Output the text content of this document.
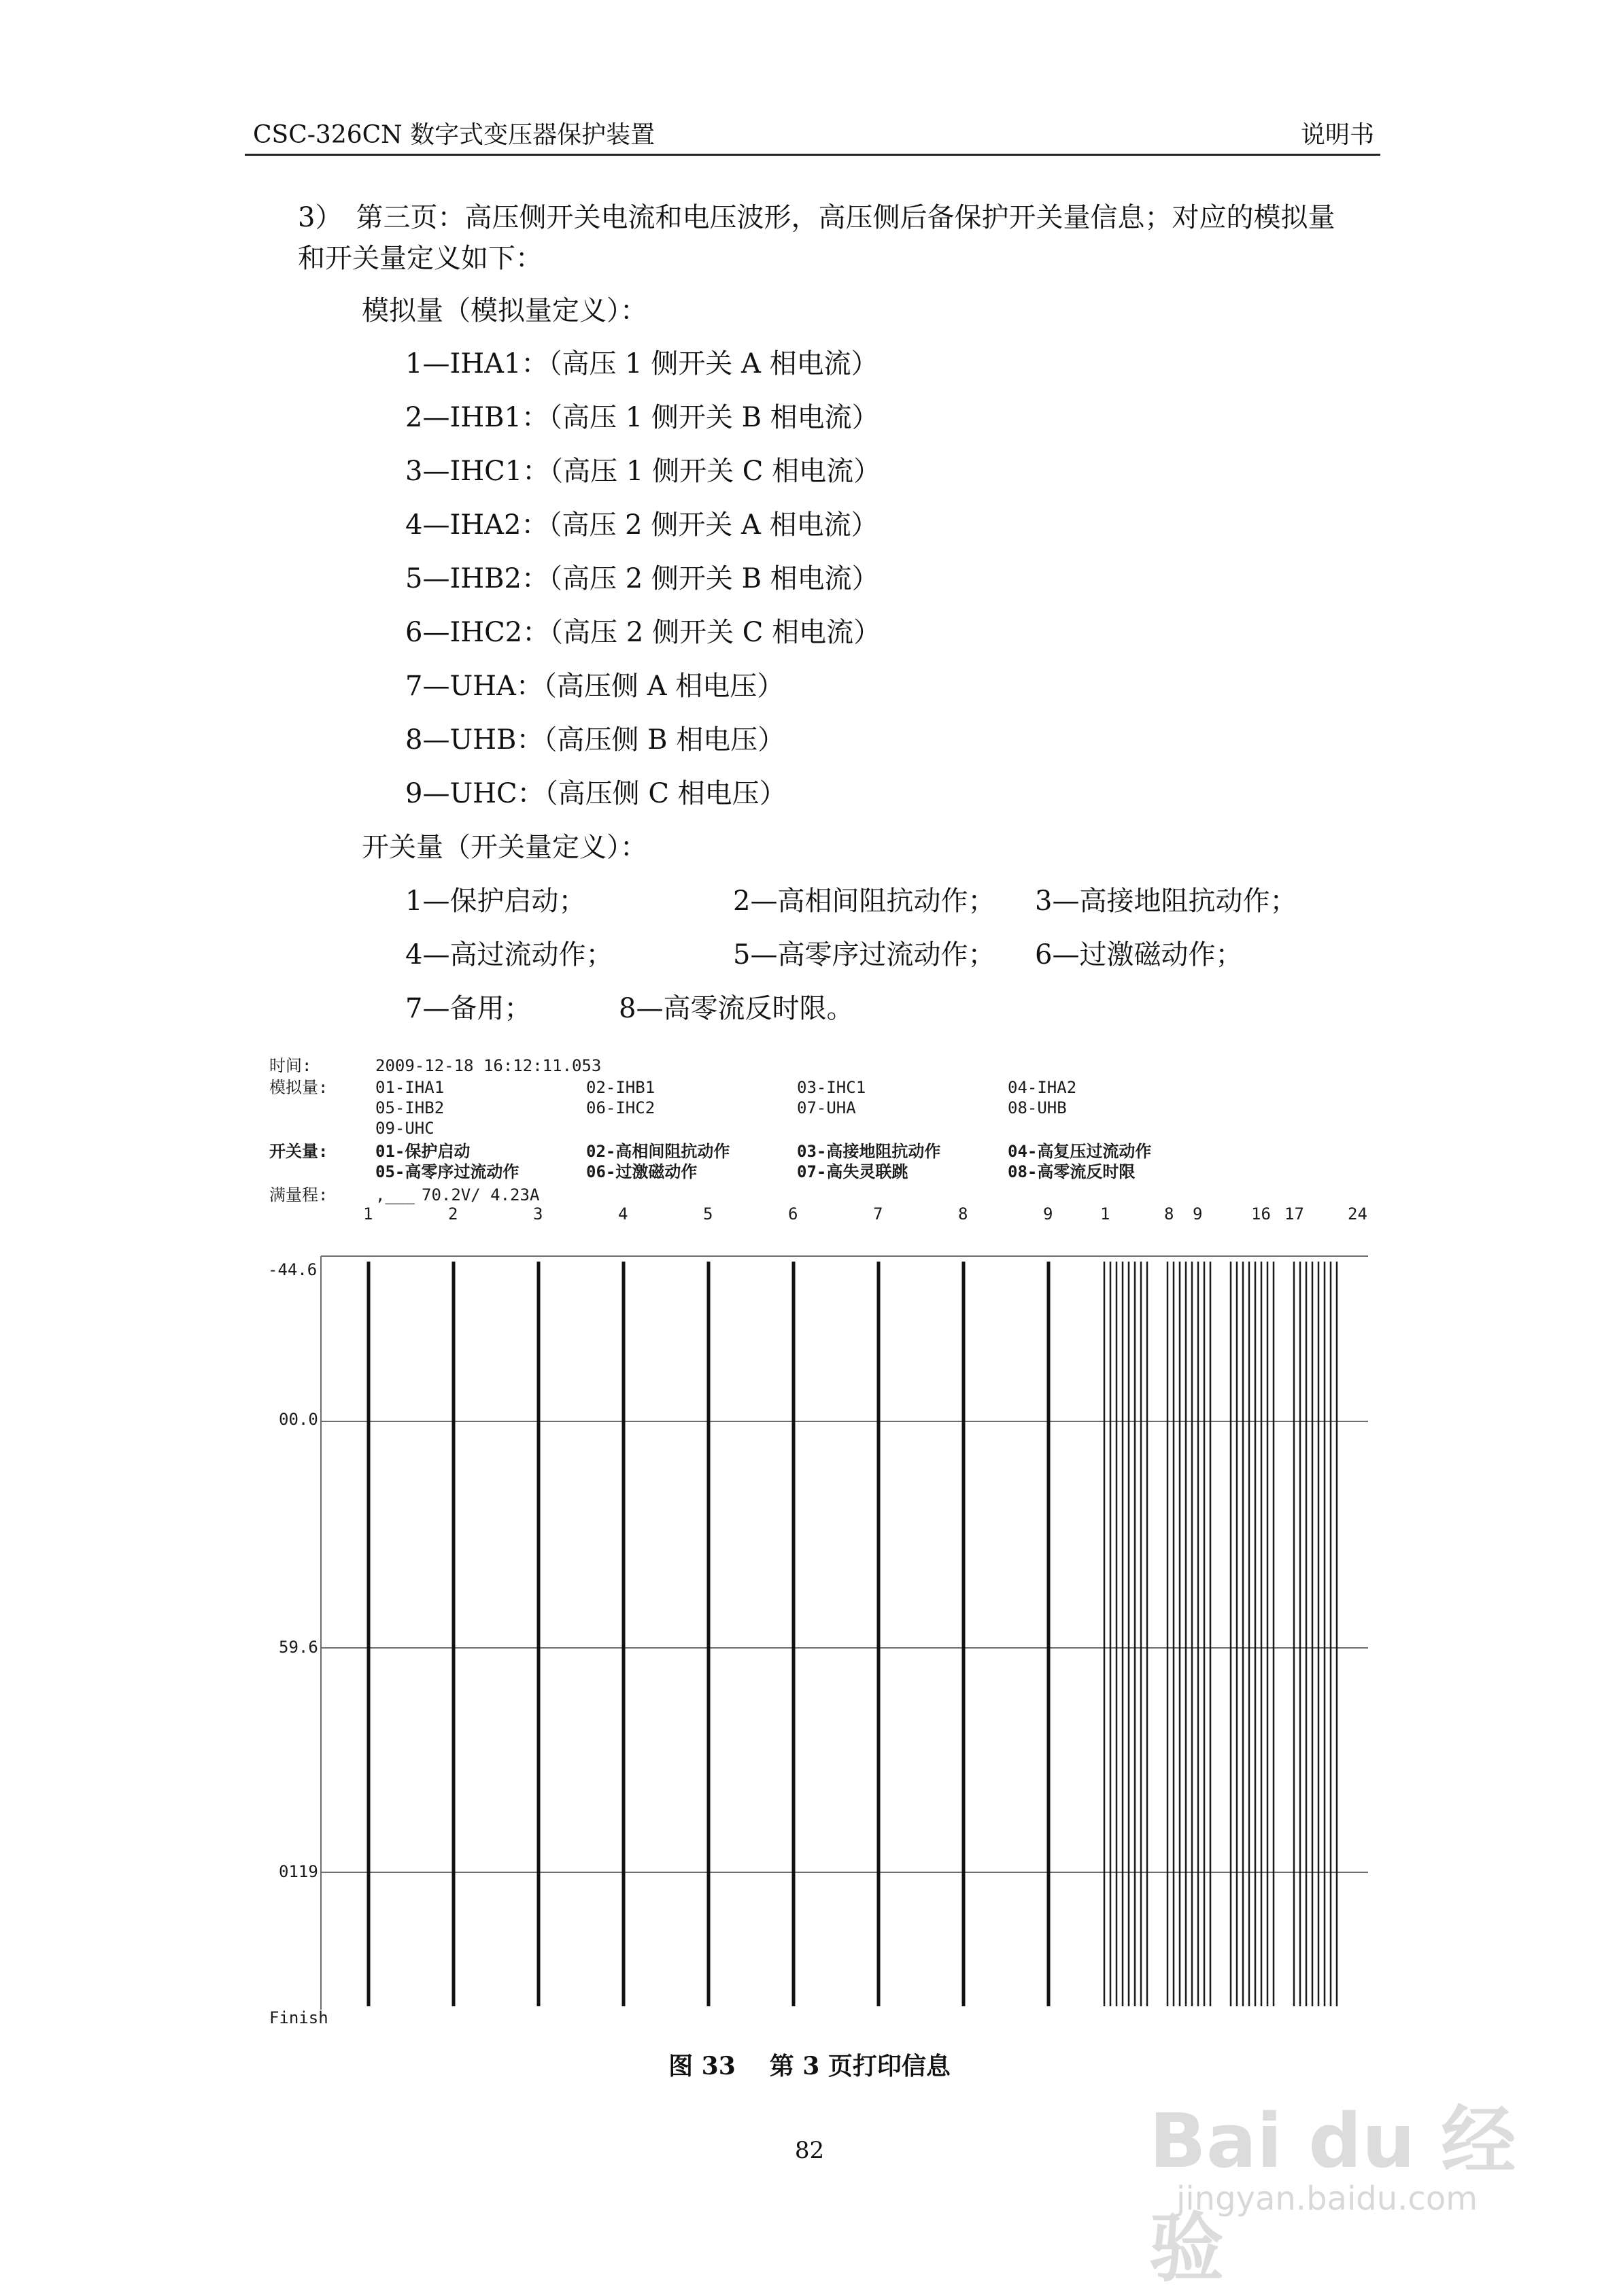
CSC-326CN 数字式变压器保护装置	说明书
3）　第三页：高压侧开关电流和电压波形，高压侧后备保护开关量信息；对应的模拟量
和开关量定义如下：
模拟量（模拟量定义）：
1—IHA1：（高压 1 侧开关 A 相电流）
2—IHB1：（高压 1 侧开关 B 相电流）
3—IHC1：（高压 1 侧开关 C 相电流）
4—IHA2：（高压 2 侧开关 A 相电流）
5—IHB2：（高压 2 侧开关 B 相电流）
6—IHC2：（高压 2 侧开关 C 相电流）
7—UHA：（高压侧 A 相电压）
8—UHB：（高压侧 B 相电压）
9—UHC：（高压侧 C 相电压）
开关量（开关量定义）：
1—保护启动；	2—高相间阻抗动作； 3—高接地阻抗动作；
4—高过流动作；	5—高零序过流动作； 6—过激磁动作；
7—备用；	8—高零流反时限。
时间:	2009-12-18 16:12:11.053
模拟量:	01-IHA1	02-IHB1	03-IHC1	04-IHA2
05-IHB2	06-IHC2	07-UHA	08-UHB
09-UHC
开关量:	01-保护启动	02-高相间阻抗动作	03-高接地阻抗动作	04-高复压过流动作
05-高零序过流动作	06-过激磁动作	07-高失灵联跳	08-高零流反时限
满量程:	,___ 70.2V/ 4.23A
1	2	3	4	5	6	7	8	9	1	8 9	16 17	24
-44.6
00.0
59.6
0119
Finish
图 33 第 3 页打印信息
82	Bai du 经验
jingyan.baidu.com
